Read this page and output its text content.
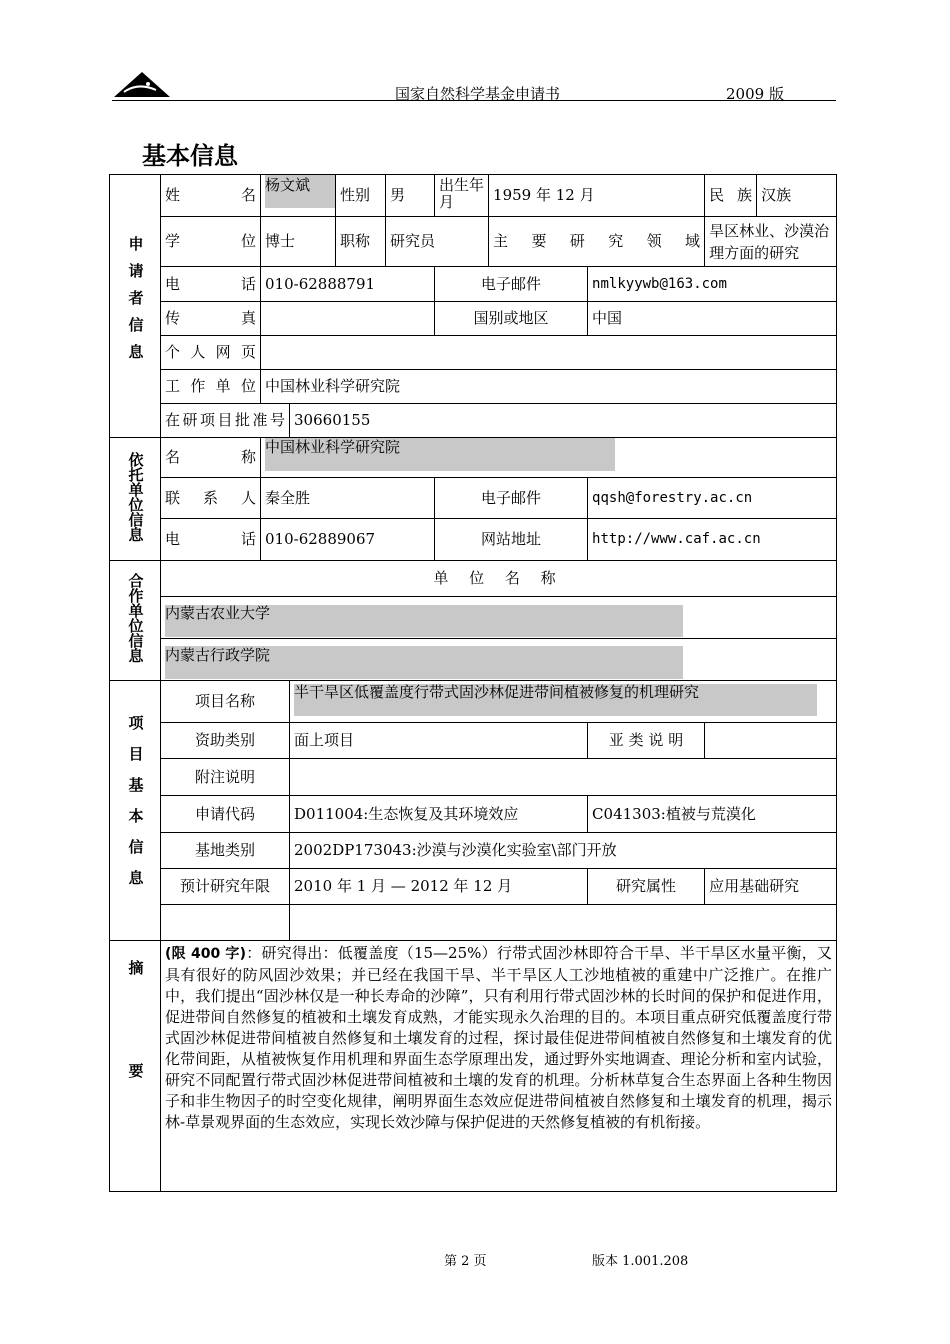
国家自然科学基金申请书	2009 版
基本信息
申请者信息	姓名	杨文斌		性别	男	出生年月	1959 年 12 月		民族	汉族
	学位	博士		职称	研究员		主要研究领域		旱区林业、沙漠治理方面的研究	
	电话	010-62888791				电子邮件		nmlkyywb@163.com		
	传真					国别或地区		中国		
	个人网页									
	工作单位	中国林业科学研究院								
	在研项目批准号		30660155							
依托单位信息	名称	中国林业科学研究院								

	联系人	秦全胜				电子邮件		qqsh@forestry.ac.cn		
	电话	010-62889067				网站地址		http://www.caf.ac.cn		
合作单位信息	单 位 名 称									

	内蒙古农业大学									

	内蒙古行政学院									

项目基本信息	项目名称		半干旱区低覆盖度行带式固沙林促进带间植被修复的机理研究							

	资助类别		面上项目					亚 类 说 明		
	附注说明									
	申请代码		D011004:生态恢复及其环境效应					C041303:植被与荒漠化		
	基地类别		2002DP173043:沙漠与沙漠化实验室\部门开放							
	预计研究年限		2010 年 1 月 — 2012 年 12 月					研究属性	应用基础研究	

摘要	(限 400 字)：研究得出：低覆盖度（15—25%）行带式固沙林即符合干旱、半干旱区水量平衡，又具有很好的防风固沙效果；并已经在我国干旱、半干旱区人工沙地植被的重建中广泛推广。在推广中，我们提出“固沙林仅是一种长寿命的沙障”，只有利用行带式固沙林的长时间的保护和促进作用，促进带间自然修复的植被和土壤发育成熟，才能实现永久治理的目的。本项目重点研究低覆盖度行带式固沙林促进带间植被自然修复和土壤发育的过程，探讨最佳促进带间植被自然修复和土壤发育的优化带间距，从植被恢复作用机理和界面生态学原理出发，通过野外实地调查、理论分析和室内试验，研究不同配置行带式固沙林促进带间植被和土壤的发育的机理。分析林草复合生态界面上各种生物因子和非生物因子的时空变化规律，阐明界面生态效应促进带间植被自然修复和土壤发育的机理，揭示林-草景观界面的生态效应，实现长效沙障与保护促进的天然修复植被的有机衔接。									
第 2 页	版本 1.001.208
